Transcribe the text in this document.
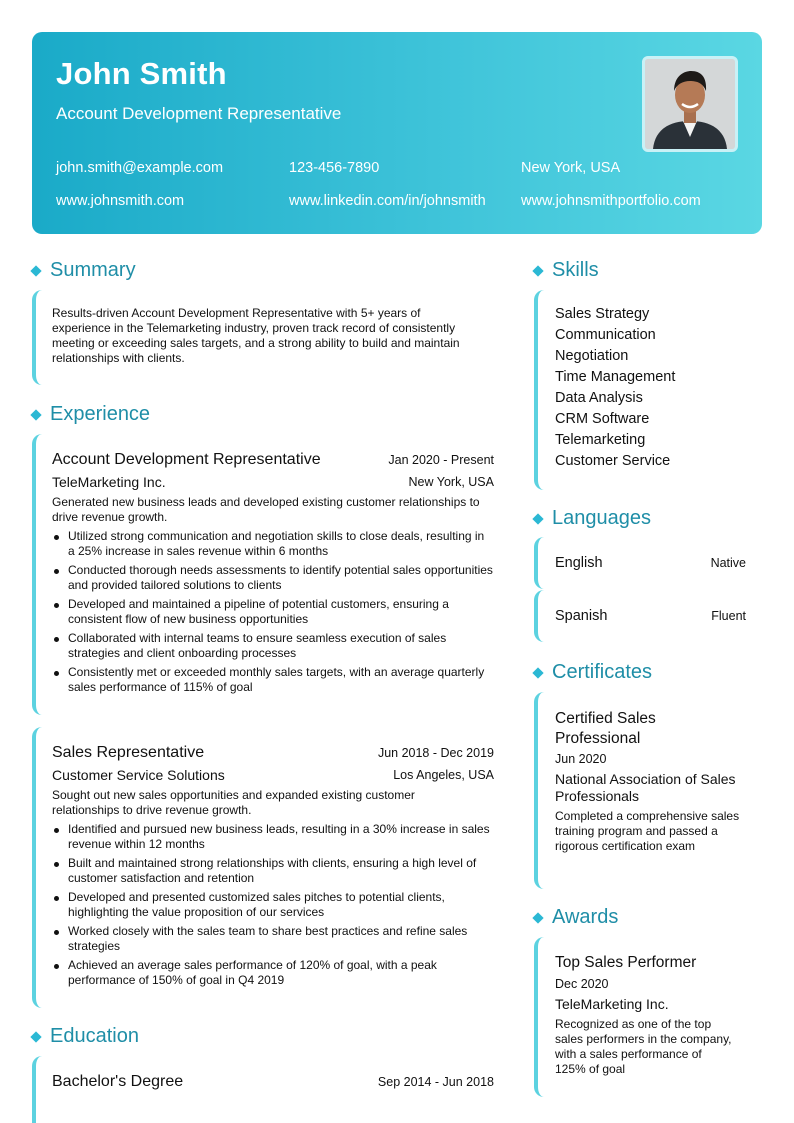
John Smith
Account Development Representative
john.smith@example.com	123-456-7890	New York, USA
www.johnsmith.com	www.linkedin.com/in/johnsmith www.johnsmithportfolio.com
Summary
Results-driven Account Development Representative with 5+ years of experience in the Telemarketing industry, proven track record of consistently meeting or exceeding sales targets, and a strong ability to build and maintain relationships with clients.
Experience
Account Development Representative	Jan 2020 - Present
TeleMarketing Inc.	New York, USA
Generated new business leads and developed existing customer relationships to drive revenue growth.
Utilized strong communication and negotiation skills to close deals, resulting in a 25% increase in sales revenue within 6 months
Conducted thorough needs assessments to identify potential sales opportunities and provided tailored solutions to clients
Developed and maintained a pipeline of potential customers, ensuring a consistent flow of new business opportunities
Collaborated with internal teams to ensure seamless execution of sales strategies and client onboarding processes
Consistently met or exceeded monthly sales targets, with an average quarterly sales performance of 115% of goal
Sales Representative	Jun 2018 - Dec 2019
Customer Service Solutions	Los Angeles, USA
Sought out new sales opportunities and expanded existing customer relationships to drive revenue growth.
Identified and pursued new business leads, resulting in a 30% increase in sales revenue within 12 months
Built and maintained strong relationships with clients, ensuring a high level of customer satisfaction and retention
Developed and presented customized sales pitches to potential clients, highlighting the value proposition of our services
Worked closely with the sales team to share best practices and refine sales strategies
Achieved an average sales performance of 120% of goal, with a peak performance of 150% of goal in Q4 2019
Education
Bachelor's Degree	Sep 2014 - Jun 2018
Skills
Sales Strategy
Communication
Negotiation
Time Management
Data Analysis
CRM Software
Telemarketing
Customer Service
Languages
English	Native
Spanish	Fluent
Certificates
Certified Sales Professional
Jun 2020
National Association of Sales Professionals
Completed a comprehensive sales training program and passed a rigorous certification exam
Awards
Top Sales Performer
Dec 2020
TeleMarketing Inc.
Recognized as one of the top sales performers in the company, with a sales performance of 125% of goal
